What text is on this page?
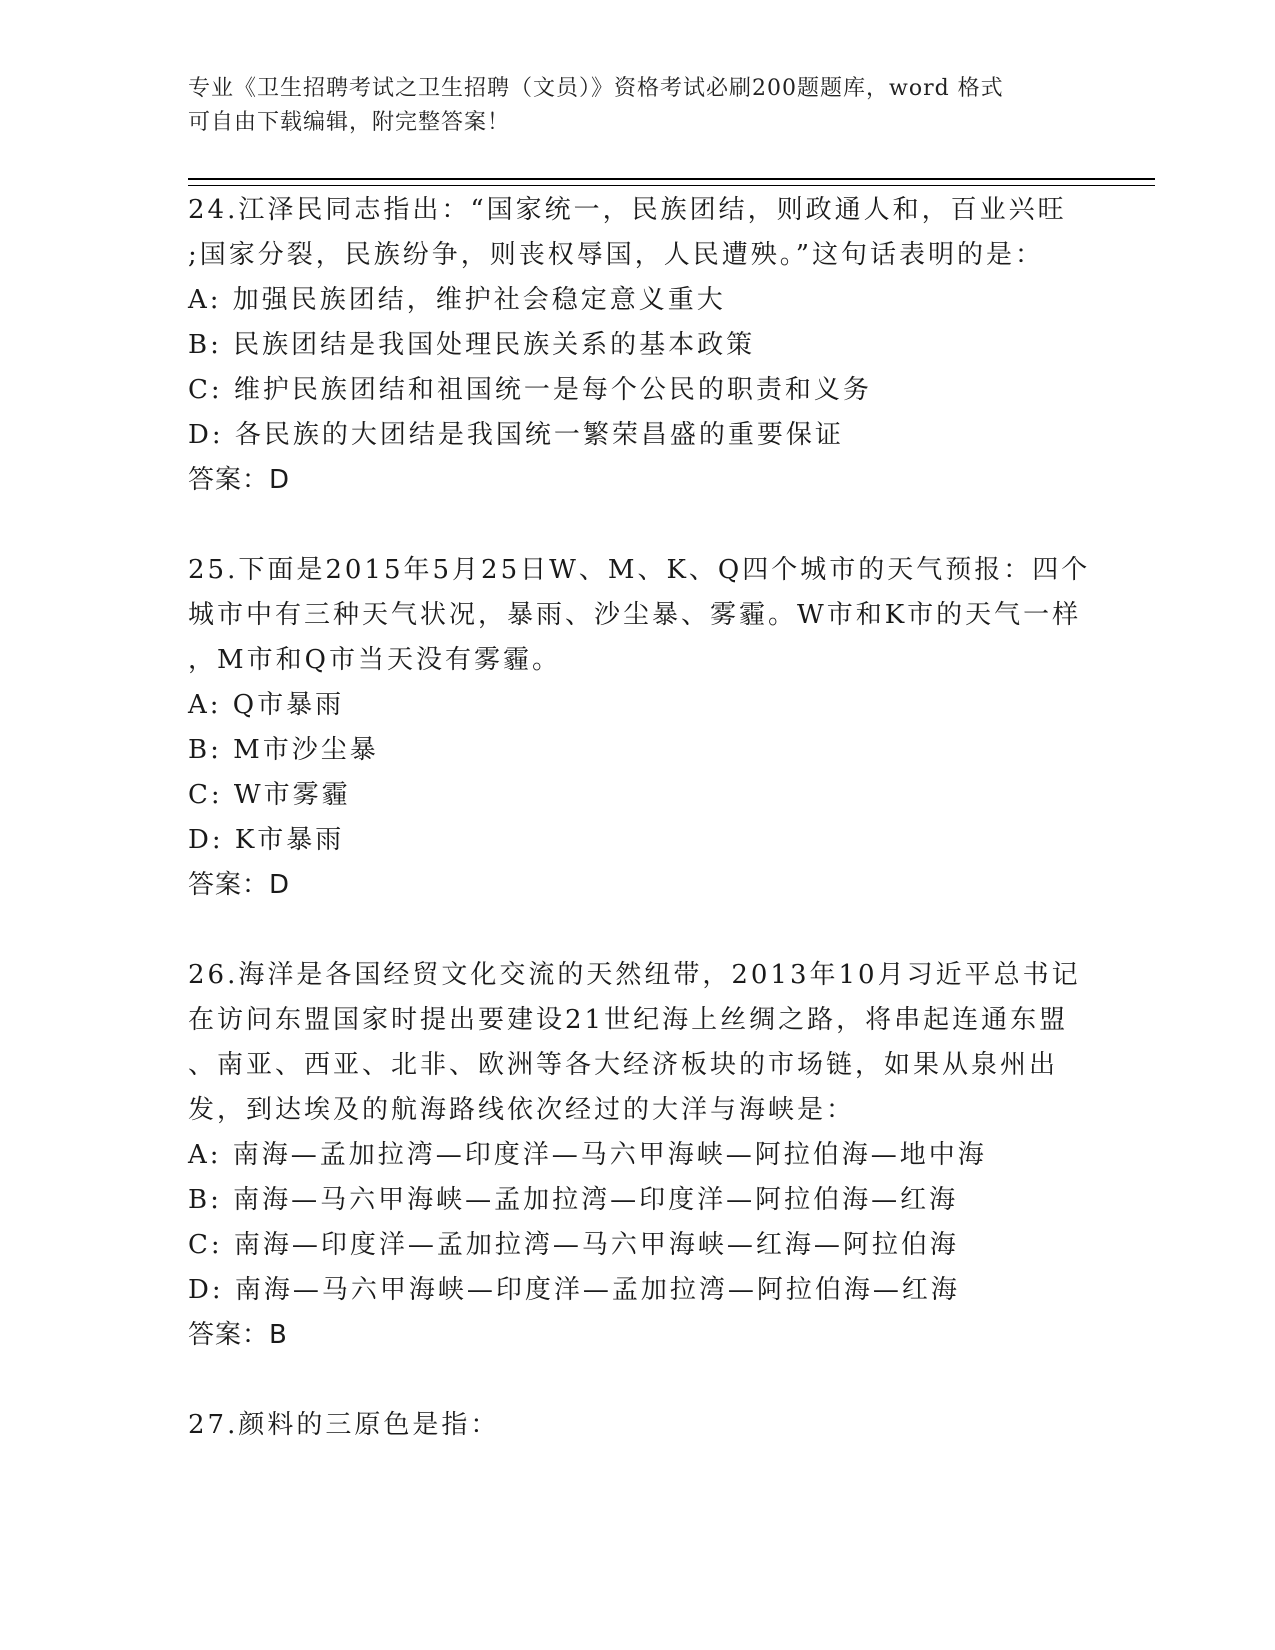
专业《卫生招聘考试之卫生招聘（文员）》资格考试必刷200题题库，word 格式

可自由下载编辑，附完整答案！

24.江泽民同志指出：“国家统一，民族团结，则政通人和，百业兴旺

;国家分裂，民族纷争，则丧权辱国，人民遭殃。”这句话表明的是：

A: 加强民族团结，维护社会稳定意义重大

B: 民族团结是我国处理民族关系的基本政策

C: 维护民族团结和祖国统一是每个公民的职责和义务

D: 各民族的大团结是我国统一繁荣昌盛的重要保证

答案：D

25.下面是2015年5月25日W、M、K、Q四个城市的天气预报：四个

城市中有三种天气状况，暴雨、沙尘暴、雾霾。W市和K市的天气一样

，M市和Q市当天没有雾霾。

A: Q市暴雨

B: M市沙尘暴

C: W市雾霾

D: K市暴雨

答案：D

26.海洋是各国经贸文化交流的天然纽带，2013年10月习近平总书记

在访问东盟国家时提出要建设21世纪海上丝绸之路，将串起连通东盟

、南亚、西亚、北非、欧洲等各大经济板块的市场链，如果从泉州出

发，到达埃及的航海路线依次经过的大洋与海峡是：

A: 南海—孟加拉湾—印度洋—马六甲海峡—阿拉伯海—地中海

B: 南海—马六甲海峡—孟加拉湾—印度洋—阿拉伯海—红海

C: 南海—印度洋—孟加拉湾—马六甲海峡—红海—阿拉伯海

D: 南海—马六甲海峡—印度洋—孟加拉湾—阿拉伯海—红海

答案：B

27.颜料的三原色是指：
